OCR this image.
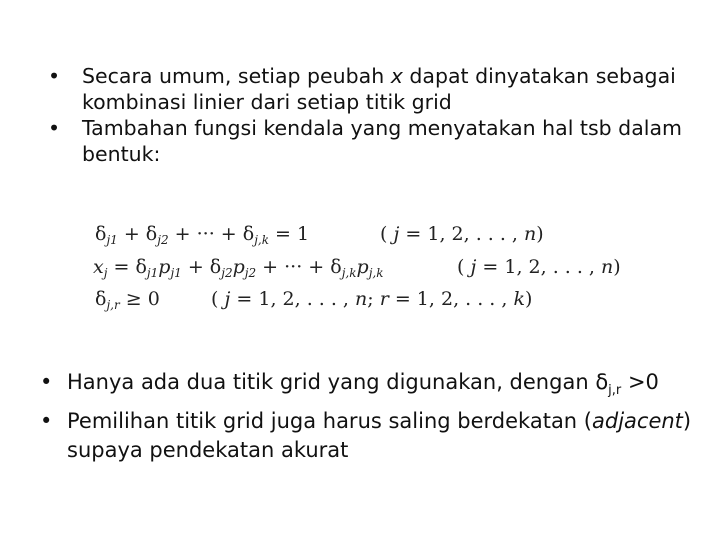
• Secara umum, setiap peubah x dapat dinyatakan sebagai kombinasi linier dari setiap titik grid
• Tambahan fungsi kendala yang menyatakan hal tsb dalam bentuk:
$\delta_{j1} + \delta_{j2}$ + ··· + $\delta_{j,k} = 1$	( j = 1, 2, . . . , n)
$x_j = \delta_{j1}p_{j1} + \delta_{j2}p_{j2}$ + ··· + $\delta_{j,k}p_{j,k}$	( j = 1, 2, . . . , n)
$\delta_{j,r} \ge 0$	( j = 1, 2, . . . , n; r = 1, 2, . . . , k)
• Hanya ada dua titik grid yang digunakan, dengan $\delta_{j,r} >0$
• Pemilihan titik grid juga harus saling berdekatan (adjacent) supaya pendekatan akurat
